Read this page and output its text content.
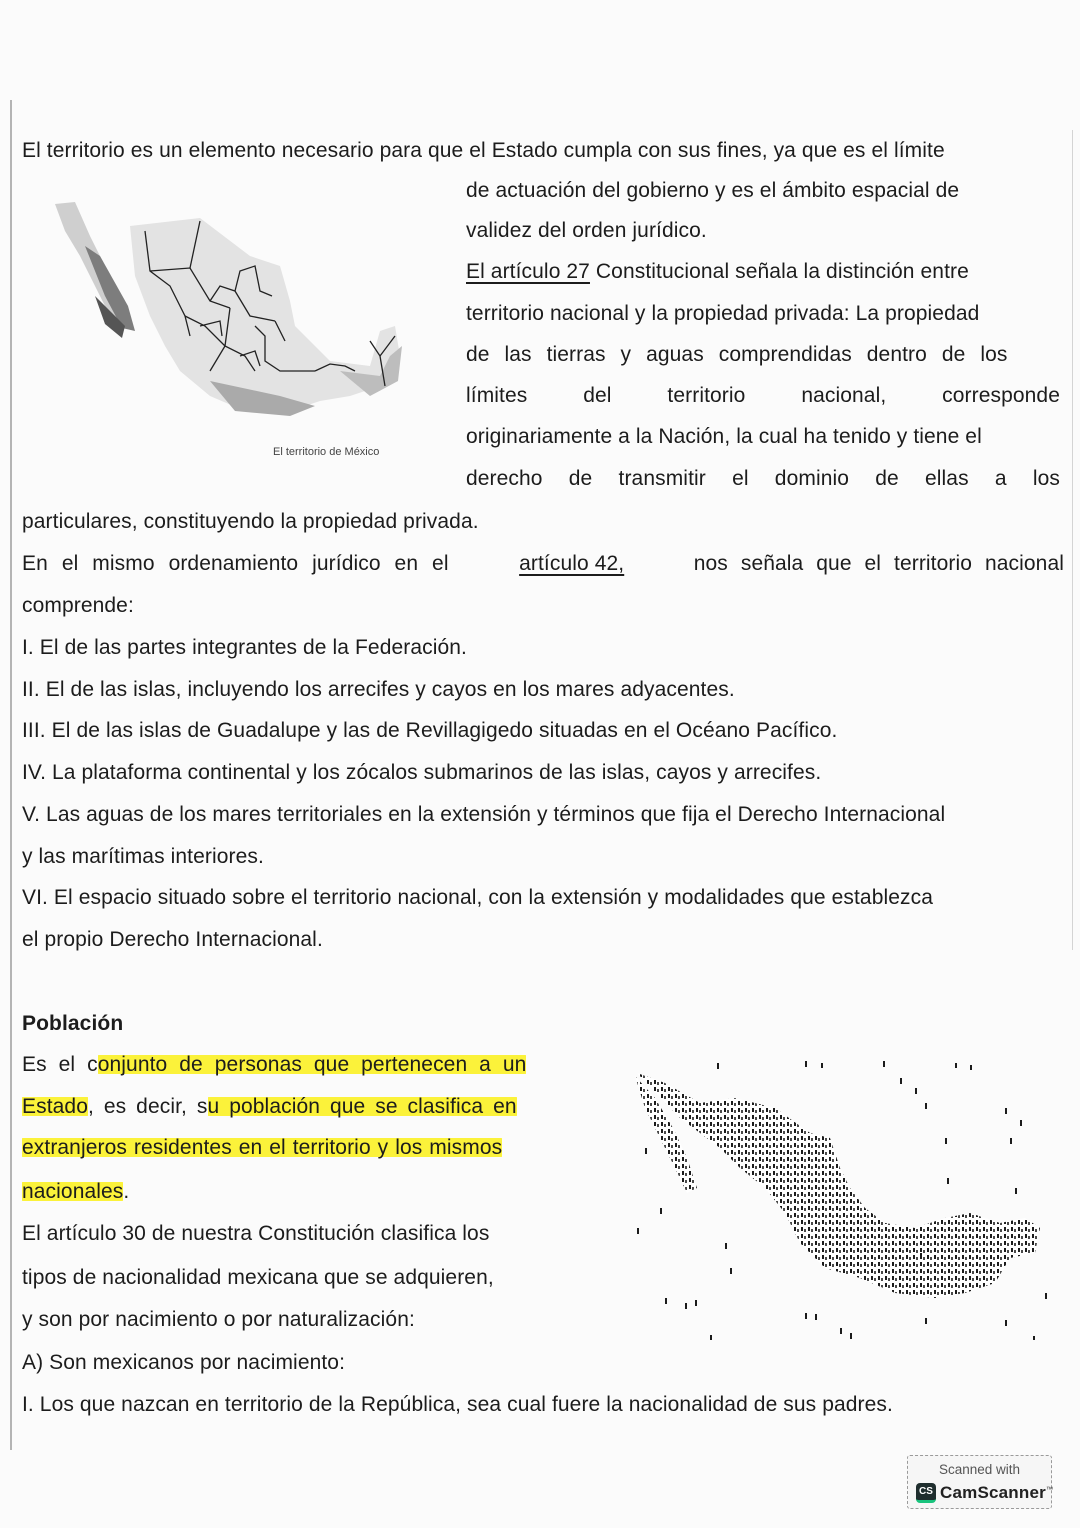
El territorio es un elemento necesario para que el Estado cumpla con sus fines, ya que es el límite
de actuación del gobierno y es el ámbito espacial de
validez del orden jurídico.
El artículo 27 Constitucional señala la distinción entre
territorio nacional y la propiedad privada: La propiedad
de las tierras y aguas comprendidas dentro de los
límites	del	territorio	nacional,	corresponde
originariamente a la Nación, la cual ha tenido y tiene el
derecho de transmitir el dominio de ellas a los
particulares, constituyendo la propiedad privada.
El territorio de México
En el mismo ordenamiento jurídico en el	artículo 42,	nos señala que el territorio nacional
comprende:
I. El de las partes integrantes de la Federación.
II. El de las islas, incluyendo los arrecifes y cayos en los mares adyacentes.
III. El de las islas de Guadalupe y las de Revillagigedo situadas en el Océano Pacífico.
IV. La plataforma continental y los zócalos submarinos de las islas, cayos y arrecifes.
V. Las aguas de los mares territoriales en la extensión y términos que fija el Derecho Internacional
y las marítimas interiores.
VI. El espacio situado sobre el territorio nacional, con la extensión y modalidades que establezca
el propio Derecho Internacional.
Población
Es el conjunto de personas que pertenecen a un
Estado, es decir, su población que se clasifica en
extranjeros residentes en el territorio y los mismos
nacionales.
El artículo 30 de nuestra Constitución clasifica los
tipos de nacionalidad mexicana que se adquieren,
y son por nacimiento o por naturalización:
A) Son mexicanos por nacimiento:
I. Los que nazcan en territorio de la República, sea cual fuere la nacionalidad de sus padres.
Scanned with
CS CamScanner™
